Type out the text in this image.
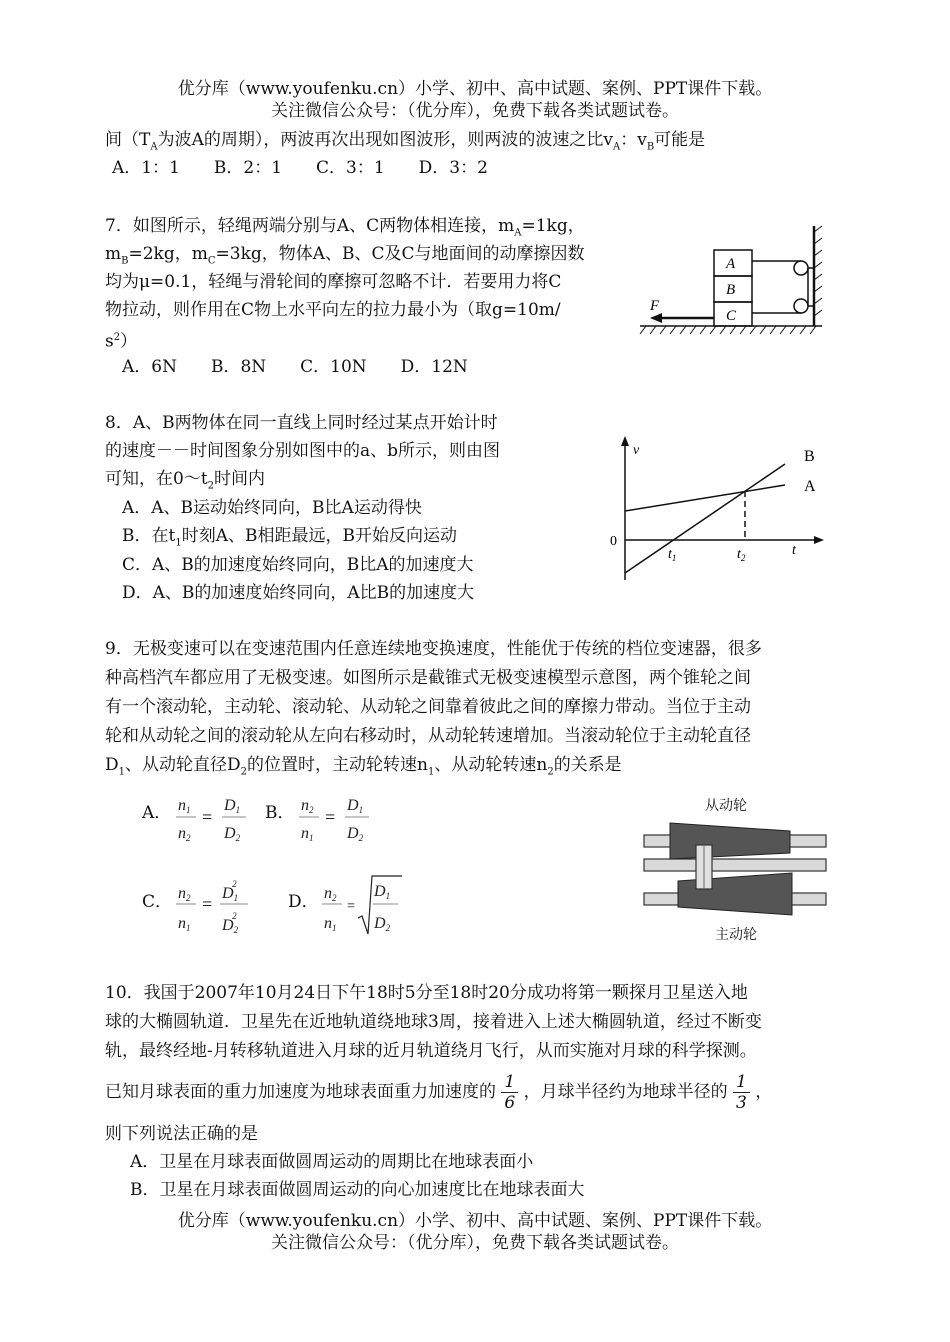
优分库（www.youfenku.cn）小学、初中、高中试题、案例、PPT课件下载。
关注微信公众号：（优分库），免费下载各类试题试卷。
间（$T_A$为波A的周期），两波再次出现如图波形，则两波的波速之比$v_A$：$v_B$可能是
A．1：1　　B．2：1　　C．3：1　　D．3：2
7．如图所示，轻绳两端分别与A、C两物体相连接，$m_A=1kg$，
$m_B=2kg$，$m_C=3kg$，物体A、B、C及C与地面间的动摩擦因数
均为μ=0.1，轻绳与滑轮间的摩擦可忽略不计．若要用力将C
物拉动，则作用在C物上水平向左的拉力最小为（取g=10m/
$s^2$）
A．6N　　B．8N　　C．10N　　D．12N
A
B
C
F
8．A、B两物体在同一直线上同时经过某点开始计时
的速度－－时间图象分别如图中的a、b所示，则由图
可知，在$0\sim t_2$时间内
A．A、B运动始终同向，B比A运动得快
B．在$t_1$时刻A、B相距最远，B开始反向运动
C．A、B的加速度始终同向，B比A的加速度大
D．A、B的加速度始终同向，A比B的加速度大
v
t
0
$t_1$	$t_2$
B
A
9．无极变速可以在变速范围内任意连续地变换速度，性能优于传统的档位变速器，很多
种高档汽车都应用了无极变速。如图所示是截锥式无极变速模型示意图，两个锥轮之间
有一个滚动轮，主动轮、滚动轮、从动轮之间靠着彼此之间的摩擦力带动。当位于主动
轮和从动轮之间的滚动轮从左向右移动时，从动轮转速增加。当滚动轮位于主动轮直径
$D_1$、从动轮直径$D_2$的位置时，主动轮转速$n_1$、从动轮转速$n_2$的关系是
A． n1
n2
D1
D2
=	B． n2
n1
D1
D2
=
C． n2
n1
D12
D22
=	D． n2
n1
D1
D2
=
从动轮
主动轮
10．我国于2007年10月24日下午18时5分至18时20分成功将第一颗探月卫星送入地
球的大椭圆轨道．卫星先在近地轨道绕地球3周，接着进入上述大椭圆轨道，经过不断变
轨，最终经地-月转移轨道进入月球的近月轨道绕月飞行，从而实施对月球的科学探测。
已知月球表面的重力加速度为地球表面重力加速度的 $\frac{1}{6}$ ，月球半径约为地球半径的 $\frac{1}{3}$ ，
则下列说法正确的是
A．卫星在月球表面做圆周运动的周期比在地球表面小
B．卫星在月球表面做圆周运动的向心加速度比在地球表面大
优分库（www.youfenku.cn）小学、初中、高中试题、案例、PPT课件下载。
关注微信公众号：（优分库），免费下载各类试题试卷。
